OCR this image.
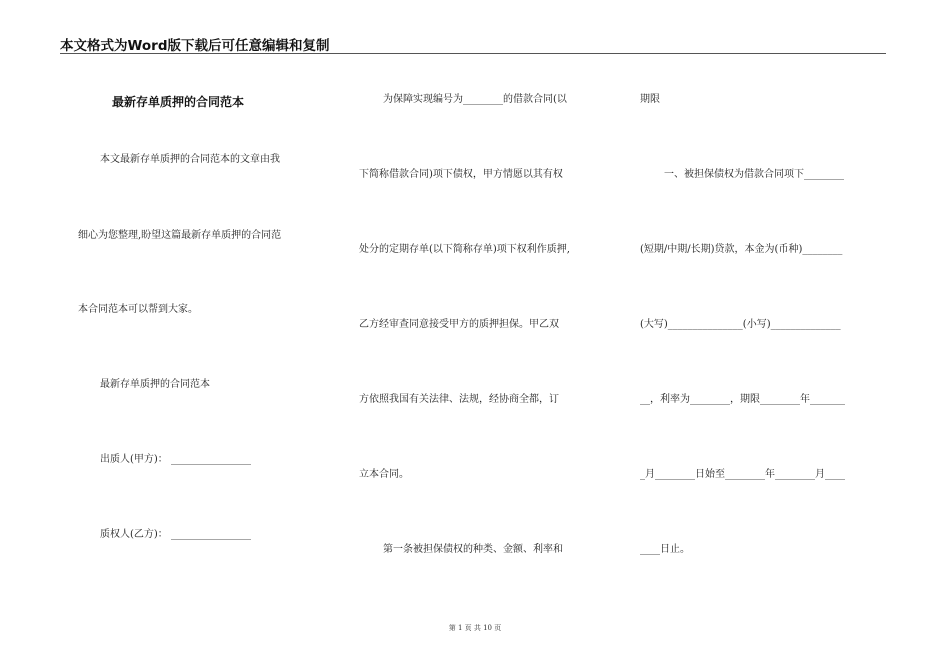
本文格式为Word版下载后可任意编辑和复制
最新存单质押的合同范本
本文最新存单质押的合同范本的文章由我
细心为您整理,盼望这篇最新存单质押的合同范
本合同范本可以帮到大家。
最新存单质押的合同范本
出质人(甲方)： ________________
质权人(乙方)： ________________
为保障实现编号为________的借款合同(以
下简称借款合同)项下债权，甲方情愿以其有权
处分的定期存单(以下简称存单)项下权利作质押,
乙方经审查同意接受甲方的质押担保。甲乙双
方依照我国有关法律、法规，经协商全都，订
立本合同。
第一条被担保债权的种类、金额、利率和
期限
一、被担保债权为借款合同项下________
(短期/中期/长期)贷款，本金为(币种)________
(大写)_______________(小写)______________
__，利率为________，期限________年_______
_月________日始至________年________月____
____日止。
第 1 页 共 10 页
